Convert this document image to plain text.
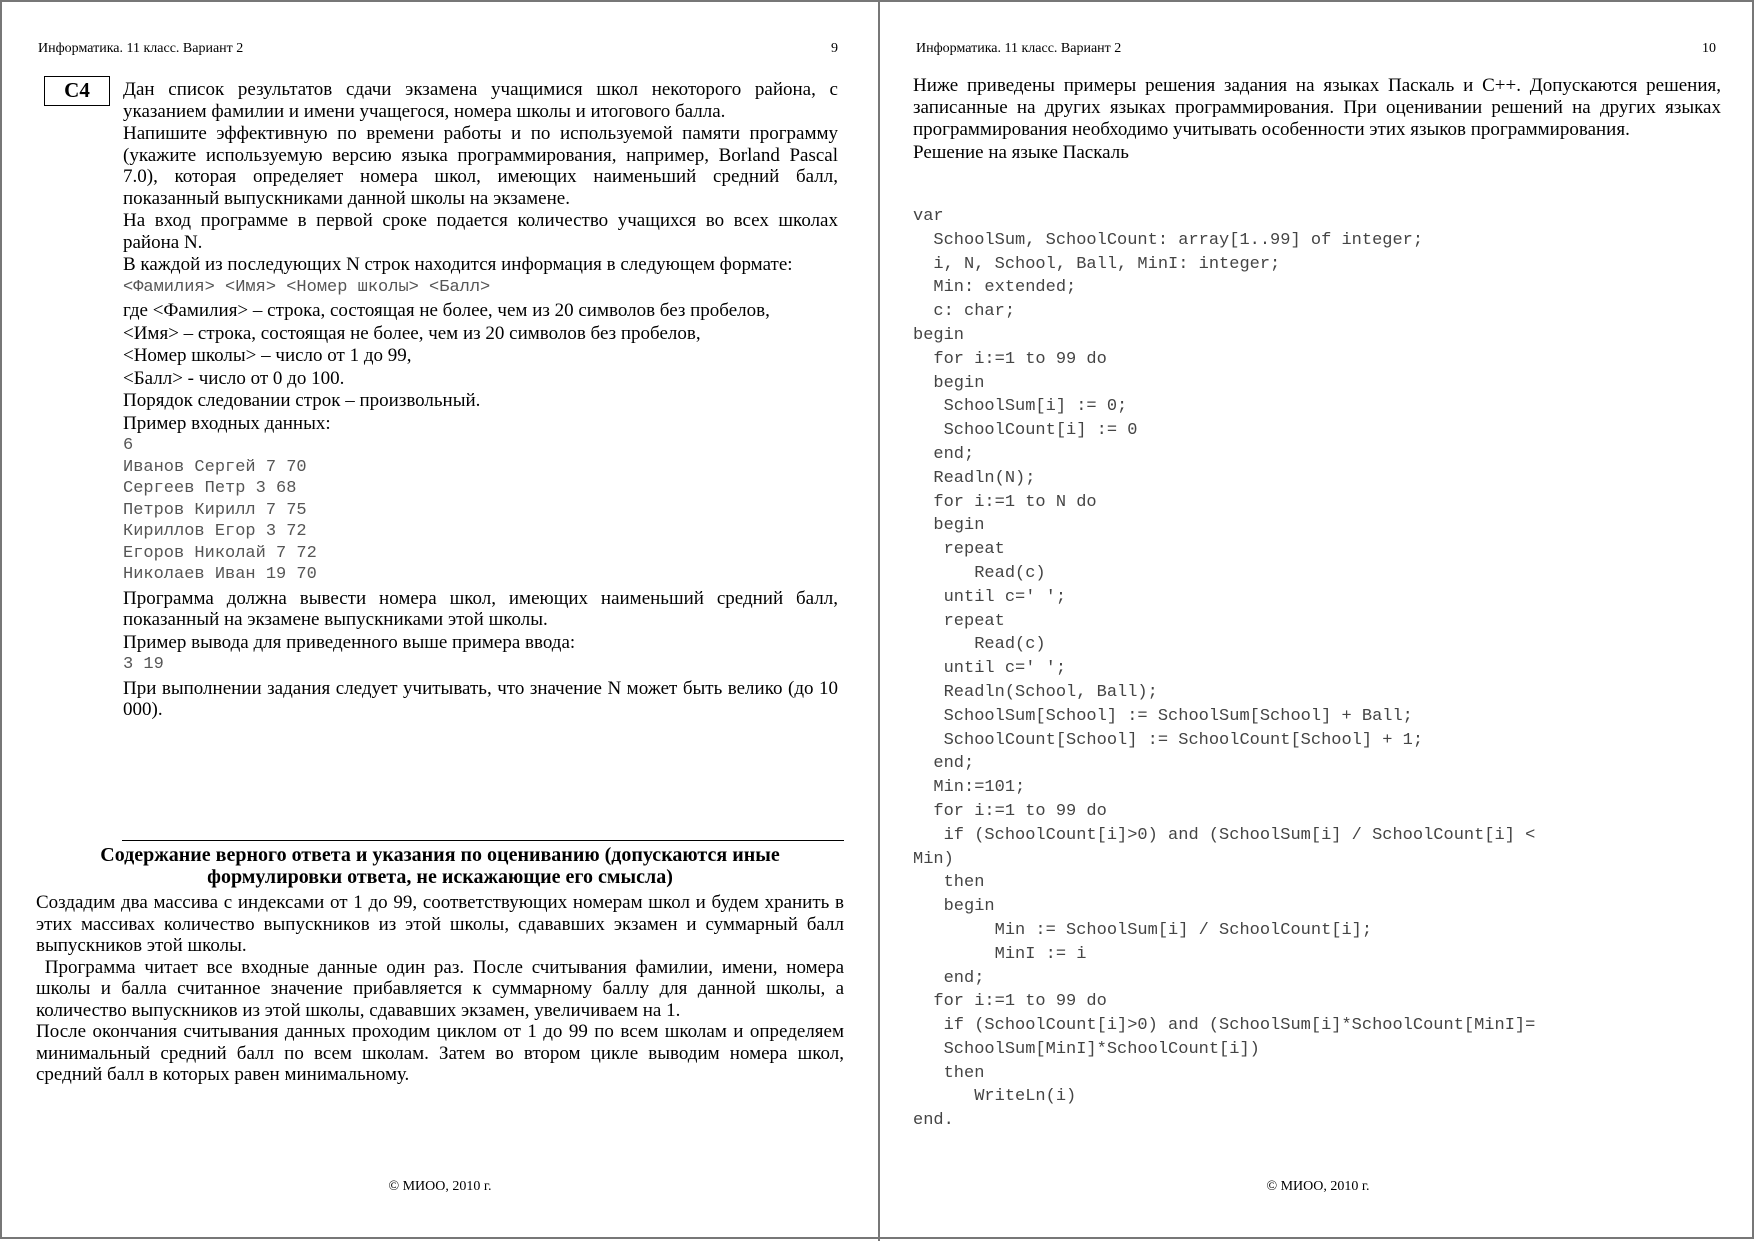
Информатика. 11 класс. Вариант 2	9
C4	Дан список результатов сдачи экзамена учащимися школ некоторого района, с указанием фамилии и имени учащегося, номера школы и итогового балла.

Напишите эффективную по времени работы и по используемой памяти программу (укажите используемую версию языка программирования, например, Borland Pascal 7.0), которая определяет номера школ, имеющих наименьший средний балл, показанный выпускниками данной школы на экзамене.

На вход программе в первой сроке подается количество учащихся во всех школах района N.

В каждой из последующих N строк находится информация в следующем формате:

<Фамилия> <Имя> <Номер школы> <Балл>

где <Фамилия> – строка, состоящая не более, чем из 20 символов без пробелов,

<Имя> – строка, состоящая не более, чем из 20 символов без пробелов,

<Номер школы> – число от 1 до 99,

<Балл> - число от 0 до 100.

Порядок следовании строк – произвольный.

Пример входных данных:

6
Иванов Сергей 7 70
Сергеев Петр 3 68
Петров Кирилл 7 75
Кириллов Егор 3 72
Егоров Николай 7 72
Николаев Иван 19 70

Программа должна вывести номера школ, имеющих наименьший средний балл, показанный на экзамене выпускниками этой школы.

Пример вывода для приведенного выше примера ввода:

3 19

При выполнении задания следует учитывать, что значение N может быть велико (до 10 000).

Содержание верного ответа и указания по оцениванию (допускаются иные формулировки ответа, не искажающие его смысла)

Создадим два массива с индексами от 1 до 99, соответствующих номерам школ и будем хранить в этих массивах количество выпускников из этой школы, сдававших экзамен и суммарный балл выпускников этой школы.

Программа читает все входные данные один раз. После считывания фамилии, имени, номера школы и балла считанное значение прибавляется к суммарному баллу для данной школы, а количество выпускников из этой школы, сдававших экзамен, увеличиваем на 1.

После окончания считывания данных проходим циклом от 1 до 99 по всем школам и определяем минимальный средний балл по всем школам. Затем во втором цикле выводим номера школ, средний балл в которых равен минимальному.

© МИОО, 2010 г.
Информатика. 11 класс. Вариант 2	10

Ниже приведены примеры решения задания на языках Паскаль и С++. Допускаются решения, записанные на других языках программирования. При оценивании решений на других языках программирования необходимо учитывать особенности этих языков программирования.

Решение на языке Паскаль

var
SchoolSum, SchoolCount: array[1..99] of integer;
i, N, School, Ball, MinI: integer;
Min: extended;
c: char;
begin
for i:=1 to 99 do
begin
SchoolSum[i] := 0;
SchoolCount[i] := 0
end;
Readln(N);
for i:=1 to N do
begin
repeat
Read(c)
until c=' ';
repeat
Read(c)
until c=' ';
Readln(School, Ball);
SchoolSum[School] := SchoolSum[School] + Ball;
SchoolCount[School] := SchoolCount[School] + 1;
end;
Min:=101;
for i:=1 to 99 do
if (SchoolCount[i]>0) and (SchoolSum[i] / SchoolCount[i] <
Min)
then
begin
Min := SchoolSum[i] / SchoolCount[i];
MinI := i
end;
for i:=1 to 99 do
if (SchoolCount[i]>0) and (SchoolSum[i]*SchoolCount[MinI]=
SchoolSum[MinI]*SchoolCount[i])
then
WriteLn(i)
end.
© МИОО, 2010 г.
